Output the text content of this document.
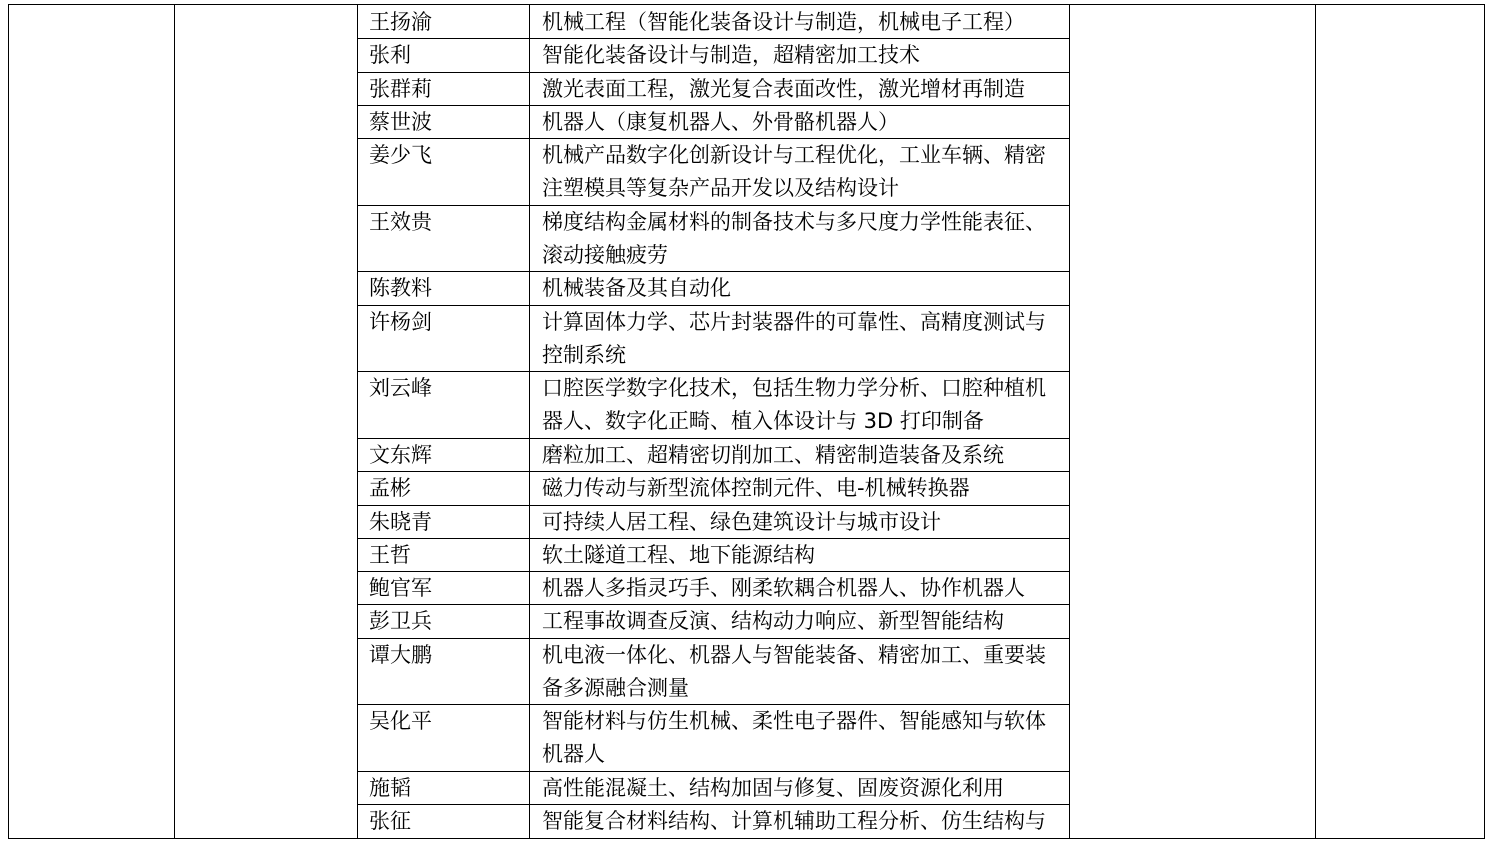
王扬渝	机械工程（智能化装备设计与制造，机械电子工程）
张利	智能化装备设计与制造，超精密加工技术
张群莉	激光表面工程，激光复合表面改性，激光增材再制造
蔡世波	机器人（康复机器人、外骨骼机器人）
姜少飞	机械产品数字化创新设计与工程优化，工业车辆、精密
注塑模具等复杂产品开发以及结构设计
王效贵	梯度结构金属材料的制备技术与多尺度力学性能表征、
滚动接触疲劳
陈教料	机械装备及其自动化
许杨剑	计算固体力学、芯片封装器件的可靠性、高精度测试与
控制系统
刘云峰	口腔医学数字化技术，包括生物力学分析、口腔种植机
器人、数字化正畸、植入体设计与 3D 打印制备
文东辉	磨粒加工、超精密切削加工、精密制造装备及系统
孟彬	磁力传动与新型流体控制元件、电-机械转换器
朱晓青	可持续人居工程、绿色建筑设计与城市设计
王哲	软土隧道工程、地下能源结构
鲍官军	机器人多指灵巧手、刚柔软耦合机器人、协作机器人
彭卫兵	工程事故调查反演、结构动力响应、新型智能结构
谭大鹏	机电液一体化、机器人与智能装备、精密加工、重要装
备多源融合测量
吴化平	智能材料与仿生机械、柔性电子器件、智能感知与软体
机器人
施韬	高性能混凝土、结构加固与修复、固废资源化利用
张征	智能复合材料结构、计算机辅助工程分析、仿生结构与
